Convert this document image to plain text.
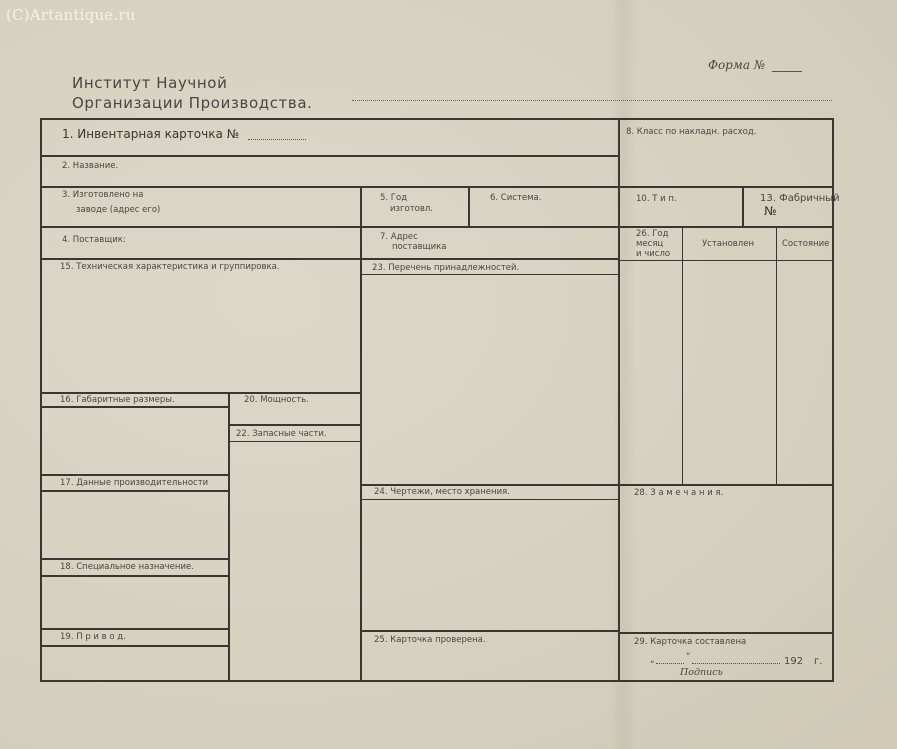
(C)Artantique.ru
Институт Научной
Организации Производства.
Форма №
1. Инвентарная карточка №
2. Название.
3. Изготовлено на
заводе (адрес его)
4. Поставщик:
5. Год
изготовл.
6. Система.
7. Адрес
поставщика
8. Класс по накладн. расход.
10. Т и п.	13. Фабричный
№
15. Техническая характеристика и группировка.	23. Перечень принадлежностей.
16. Габаритные размеры.	20. Мощность.
22. Запасные части.
17. Данные производительности
18. Специальное назначение.
19. П р и в о д.
24. Чертежи, место хранения.
25. Карточка проверена.
26. Год
месяц
и число
Установлен	Состояние
28. З а м е ч а н и я.
29. Карточка составлена
„	“	192 г.
Подпись
